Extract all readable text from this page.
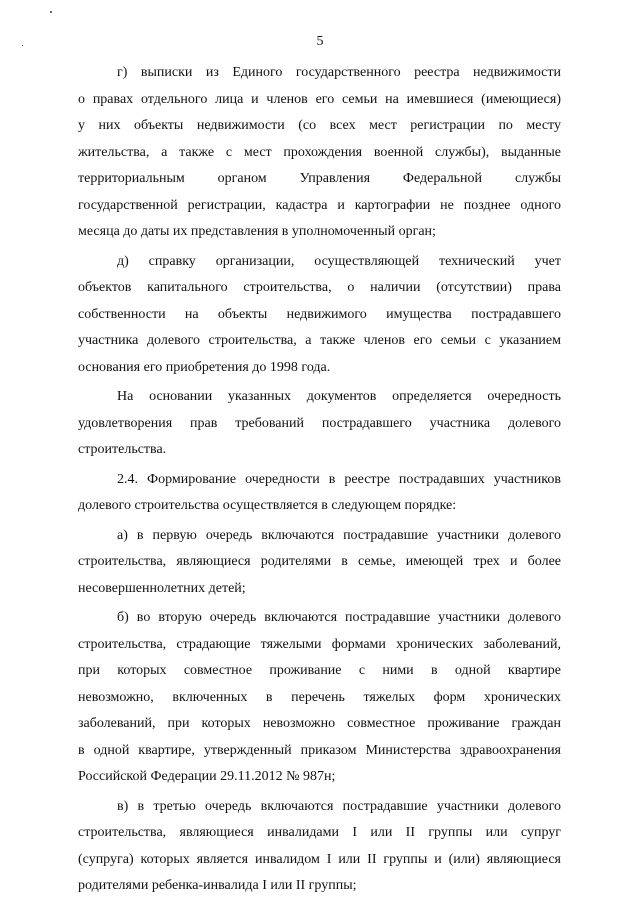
5
г) выписки из Единого государственного реестра недвижимости
о правах отдельного лица и членов его семьи на имевшиеся (имеющиеся)
у них объекты недвижимости (со всех мест регистрации по месту
жительства, а также с мест прохождения военной службы), выданные
территориальным органом Управления Федеральной службы
государственной регистрации, кадастра и картографии не позднее одного
месяца до даты их представления в уполномоченный орган;
д) справку организации, осуществляющей технический учет
объектов капитального строительства, о наличии (отсутствии) права
собственности на объекты недвижимого имущества пострадавшего
участника долевого строительства, а также членов его семьи с указанием
основания его приобретения до 1998 года.
На основании указанных документов определяется очередность
удовлетворения прав требований пострадавшего участника долевого
строительства.
2.4. Формирование очередности в реестре пострадавших участников
долевого строительства осуществляется в следующем порядке:
а) в первую очередь включаются пострадавшие участники долевого
строительства, являющиеся родителями в семье, имеющей трех и более
несовершеннолетних детей;
б) во вторую очередь включаются пострадавшие участники долевого
строительства, страдающие тяжелыми формами хронических заболеваний,
при которых совместное проживание с ними в одной квартире
невозможно, включенных в перечень тяжелых форм хронических
заболеваний, при которых невозможно совместное проживание граждан
в одной квартире, утвержденный приказом Министерства здравоохранения
Российской Федерации 29.11.2012 № 987н;
в) в третью очередь включаются пострадавшие участники долевого
строительства, являющиеся инвалидами I или II группы или супруг
(супруга) которых является инвалидом I или II группы и (или) являющиеся
родителями ребенка-инвалида I или II группы;
